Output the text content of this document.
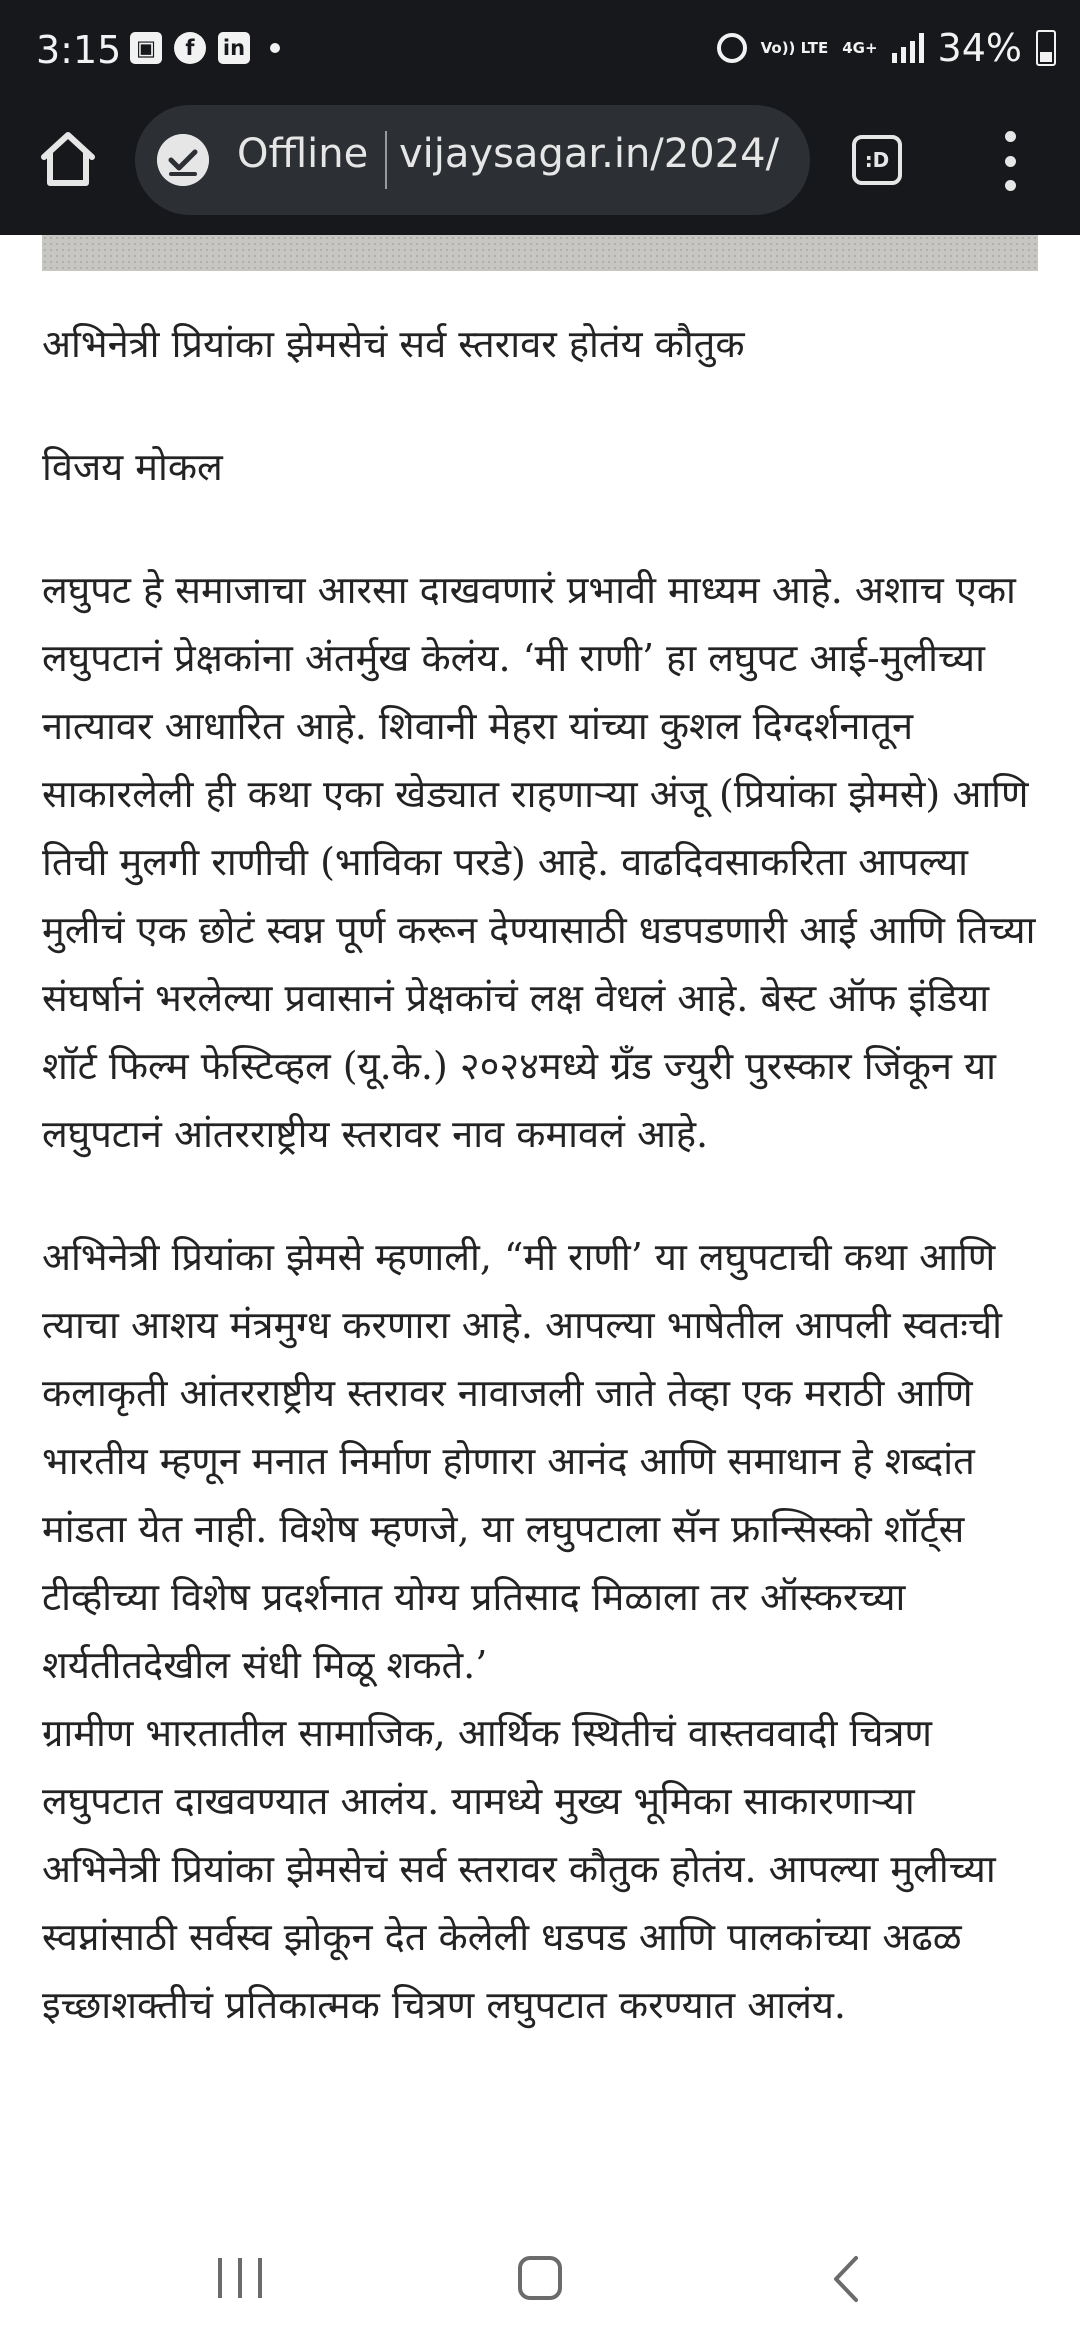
3:15 ▣	f	in	Vo)) LTE 4G+ 34%
Offline vijaysagar.in/2024/	:D

अभिनेत्री प्रियांका झेमसेचं सर्व स्तरावर होतंय कौतुक

विजय मोकल

लघुपट हे समाजाचा आरसा दाखवणारं प्रभावी माध्यम आहे. अशाच एका लघुपटानं प्रेक्षकांना अंतर्मुख केलंय. ‘मी राणी’ हा लघुपट आई-मुलीच्या नात्यावर आधारित आहे. शिवानी मेहरा यांच्या कुशल दिग्दर्शनातून साकारलेली ही कथा एका खेड्यात राहणाऱ्या अंजू (प्रियांका झेमसे) आणि तिची मुलगी राणीची (भाविका परडे) आहे. वाढदिवसाकरिता आपल्या मुलीचं एक छोटं स्वप्न पूर्ण करून देण्यासाठी धडपडणारी आई आणि तिच्या संघर्षानं भरलेल्या प्रवासानं प्रेक्षकांचं लक्ष वेधलं आहे. बेस्ट ऑफ इंडिया शॉर्ट फिल्म फेस्टिव्हल (यू.के.) २०२४मध्ये ग्रँड ज्युरी पुरस्कार जिंकून या लघुपटानं आंतरराष्ट्रीय स्तरावर नाव कमावलं आहे.

अभिनेत्री प्रियांका झेमसे म्हणाली, “मी राणी’ या लघुपटाची कथा आणि त्याचा आशय मंत्रमुग्ध करणारा आहे. आपल्या भाषेतील आपली स्वतःची कलाकृती आंतरराष्ट्रीय स्तरावर नावाजली जाते तेव्हा एक मराठी आणि भारतीय म्हणून मनात निर्माण होणारा आनंद आणि समाधान हे शब्दांत मांडता येत नाही. विशेष म्हणजे, या लघुपटाला सॅन फ्रान्सिस्को शॉर्ट्स टीव्हीच्या विशेष प्रदर्शनात योग्य प्रतिसाद मिळाला तर ऑस्करच्या शर्यतीतदेखील संधी मिळू शकते.’

ग्रामीण भारतातील सामाजिक, आर्थिक स्थितीचं वास्तववादी चित्रण लघुपटात दाखवण्यात आलंय. यामध्ये मुख्य भूमिका साकारणाऱ्या अभिनेत्री प्रियांका झेमसेचं सर्व स्तरावर कौतुक होतंय. आपल्या मुलीच्या स्वप्नांसाठी सर्वस्व झोकून देत केलेली धडपड आणि पालकांच्या अढळ इच्छाशक्तीचं प्रतिकात्मक चित्रण लघुपटात करण्यात आलंय.
